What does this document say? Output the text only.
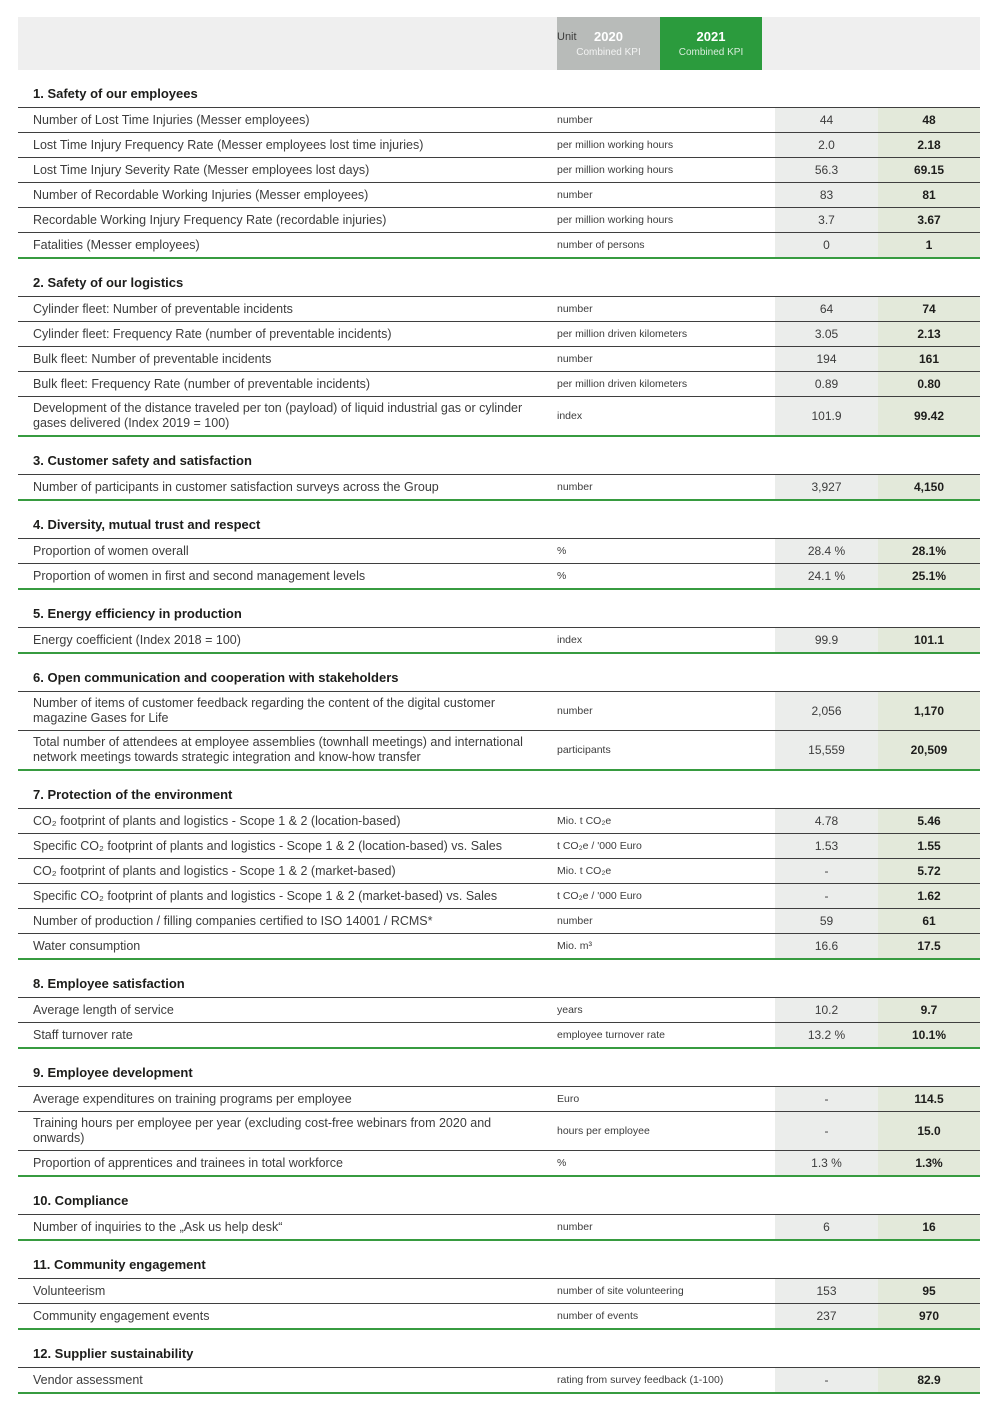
Unit 2020
Combined KPI
2021
Combined KPI
1. Safety of our employees
Number of Lost Time Injuries (Messer employees)	number	44	48
Lost Time Injury Frequency Rate (Messer employees lost time injuries)	per million working hours	2.0	2.18
Lost Time Injury Severity Rate (Messer employees lost days)	per million working hours	56.3	69.15
Number of Recordable Working Injuries (Messer employees)	number	83	81
Recordable Working Injury Frequency Rate (recordable injuries)	per million working hours	3.7	3.67
Fatalities (Messer employees)	number of persons	0	1
2. Safety of our logistics
Cylinder fleet: Number of preventable incidents	number	64	74
Cylinder fleet: Frequency Rate (number of preventable incidents)	per million driven kilometers	3.05	2.13
Bulk fleet: Number of preventable incidents	number	194	161
Bulk fleet: Frequency Rate (number of preventable incidents)	per million driven kilometers	0.89	0.80
Development of the distance traveled per ton (payload) of liquid industrial gas or cylinder gases delivered (Index 2019 = 100)	index	101.9	99.42
3. Customer safety and satisfaction
Number of participants in customer satisfaction surveys across the Group	number	3,927	4,150
4. Diversity, mutual trust and respect
Proportion of women overall	%	28.4 %	28.1%
Proportion of women in first and second management levels	%	24.1 %	25.1%
5. Energy efficiency in production
Energy coefficient (Index 2018 = 100)	index	99.9	101.1
6. Open communication and cooperation with stakeholders
Number of items of customer feedback regarding the content of the digital customer magazine Gases for Life	number	2,056	1,170
Total number of attendees at employee assemblies (townhall meetings) and international network meetings towards strategic integration and know-how transfer	participants	15,559	20,509
7. Protection of the environment
CO₂ footprint of plants and logistics - Scope 1 & 2 (location-based)	Mio. t CO₂e	4.78	5.46
Specific CO₂ footprint of plants and logistics - Scope 1 & 2 (location-based) vs. Sales	t CO₂e / '000 Euro	1.53	1.55
CO₂ footprint of plants and logistics - Scope 1 & 2 (market-based)	Mio. t CO₂e	-	5.72
Specific CO₂ footprint of plants and logistics - Scope 1 & 2 (market-based) vs. Sales	t CO₂e / '000 Euro	-	1.62
Number of production / filling companies certified to ISO 14001 / RCMS*	number	59	61
Water consumption	Mio. m³	16.6	17.5
8. Employee satisfaction
Average length of service	years	10.2	9.7
Staff turnover rate	employee turnover rate	13.2 %	10.1%
9. Employee development
Average expenditures on training programs per employee	Euro	-	114.5
Training hours per employee per year (excluding cost-free webinars from 2020 and onwards)	hours per employee	-	15.0
Proportion of apprentices and trainees in total workforce	%	1.3 %	1.3%
10. Compliance
Number of inquiries to the „Ask us help desk“	number	6	16
11. Community engagement
Volunteerism	number of site volunteering	153	95
Community engagement events	number of events	237	970
12. Supplier sustainability
Vendor assessment	rating from survey feedback (1-100)	-	82.9
